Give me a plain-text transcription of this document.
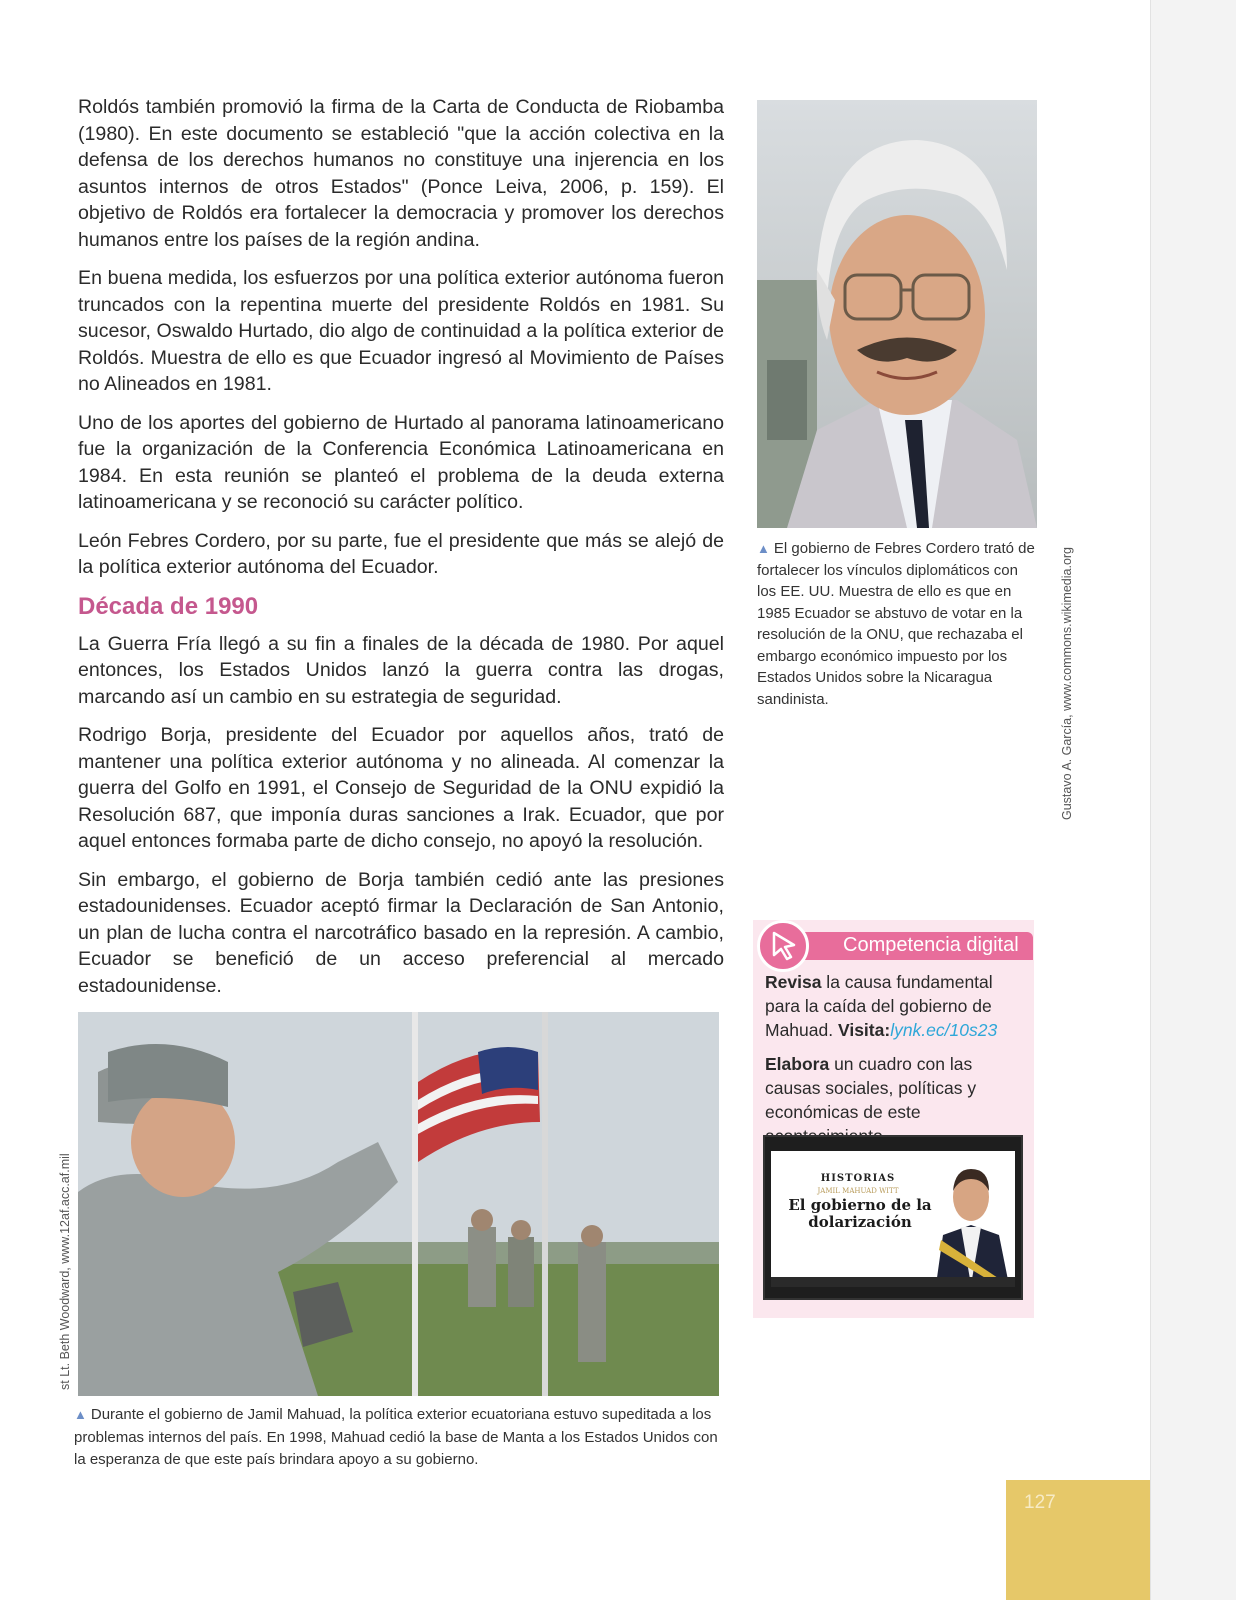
Roldós también promovió la firma de la Carta de Conducta de Riobamba (1980). En este documento se estableció "que la acción colectiva en la defensa de los derechos humanos no constituye una injerencia en los asuntos internos de otros Estados" (Ponce Leiva, 2006, p. 159). El objetivo de Roldós era fortalecer la democracia y promover los derechos humanos entre los países de la región andina.

En buena medida, los esfuerzos por una política exterior autónoma fueron truncados con la repentina muerte del presidente Roldós en 1981. Su sucesor, Oswaldo Hurtado, dio algo de continuidad a la política exterior de Roldós. Muestra de ello es que Ecuador ingresó al Movimiento de Países no Alineados en 1981.

Uno de los aportes del gobierno de Hurtado al panorama latinoamericano fue la organización de la Conferencia Económica Latinoamericana en 1984. En esta reunión se planteó el problema de la deuda externa latinoamericana y se reconoció su carácter político.

León Febres Cordero, por su parte, fue el presidente que más se alejó de la política exterior autónoma del Ecuador.

Década de 1990

La Guerra Fría llegó a su fin a finales de la década de 1980. Por aquel entonces, los Estados Unidos lanzó la guerra contra las drogas, marcando así un cambio en su estrategia de seguridad.

Rodrigo Borja, presidente del Ecuador por aquellos años, trató de mantener una política exterior autónoma y no alineada. Al comenzar la guerra del Golfo en 1991, el Consejo de Seguridad de la ONU expidió la Resolución 687, que imponía duras sanciones a Irak. Ecuador, que por aquel entonces formaba parte de dicho consejo, no apoyó la resolución.

Sin embargo, el gobierno de Borja también cedió ante las presiones estadounidenses. Ecuador aceptó firmar la Declaración de San Antonio, un plan de lucha contra el narcotráfico basado en la represión. A cambio, Ecuador se benefició de un acceso preferencial al mercado estadounidense.

Gustavo A. García, www.commons.wikimedia.org
▲ El gobierno de Febres Cordero trató de fortalecer los vínculos diplomáticos con los EE. UU. Muestra de ello es que en 1985 Ecuador se abstuvo de votar en la resolución de la ONU, que rechazaba el embargo económico impuesto por los Estados Unidos sobre la Nicaragua sandinista.
st Lt. Beth Woodward, www.12af.acc.af.mil
▲ Durante el gobierno de Jamil Mahuad, la política exterior ecuatoriana estuvo supeditada a los problemas internos del país. En 1998, Mahuad cedió la base de Manta a los Estados Unidos con la esperanza de que este país brindara apoyo a su gobierno.
Competencia digital

Revisa la causa fundamental para la caída del gobierno de Mahuad. Visita:lynk.ec/10s23

Elabora un cuadro con las causas sociales, políticas y económicas de este

HISTORIAS
JAMIL MAHUAD WITT
El gobierno de la dolarización
127
